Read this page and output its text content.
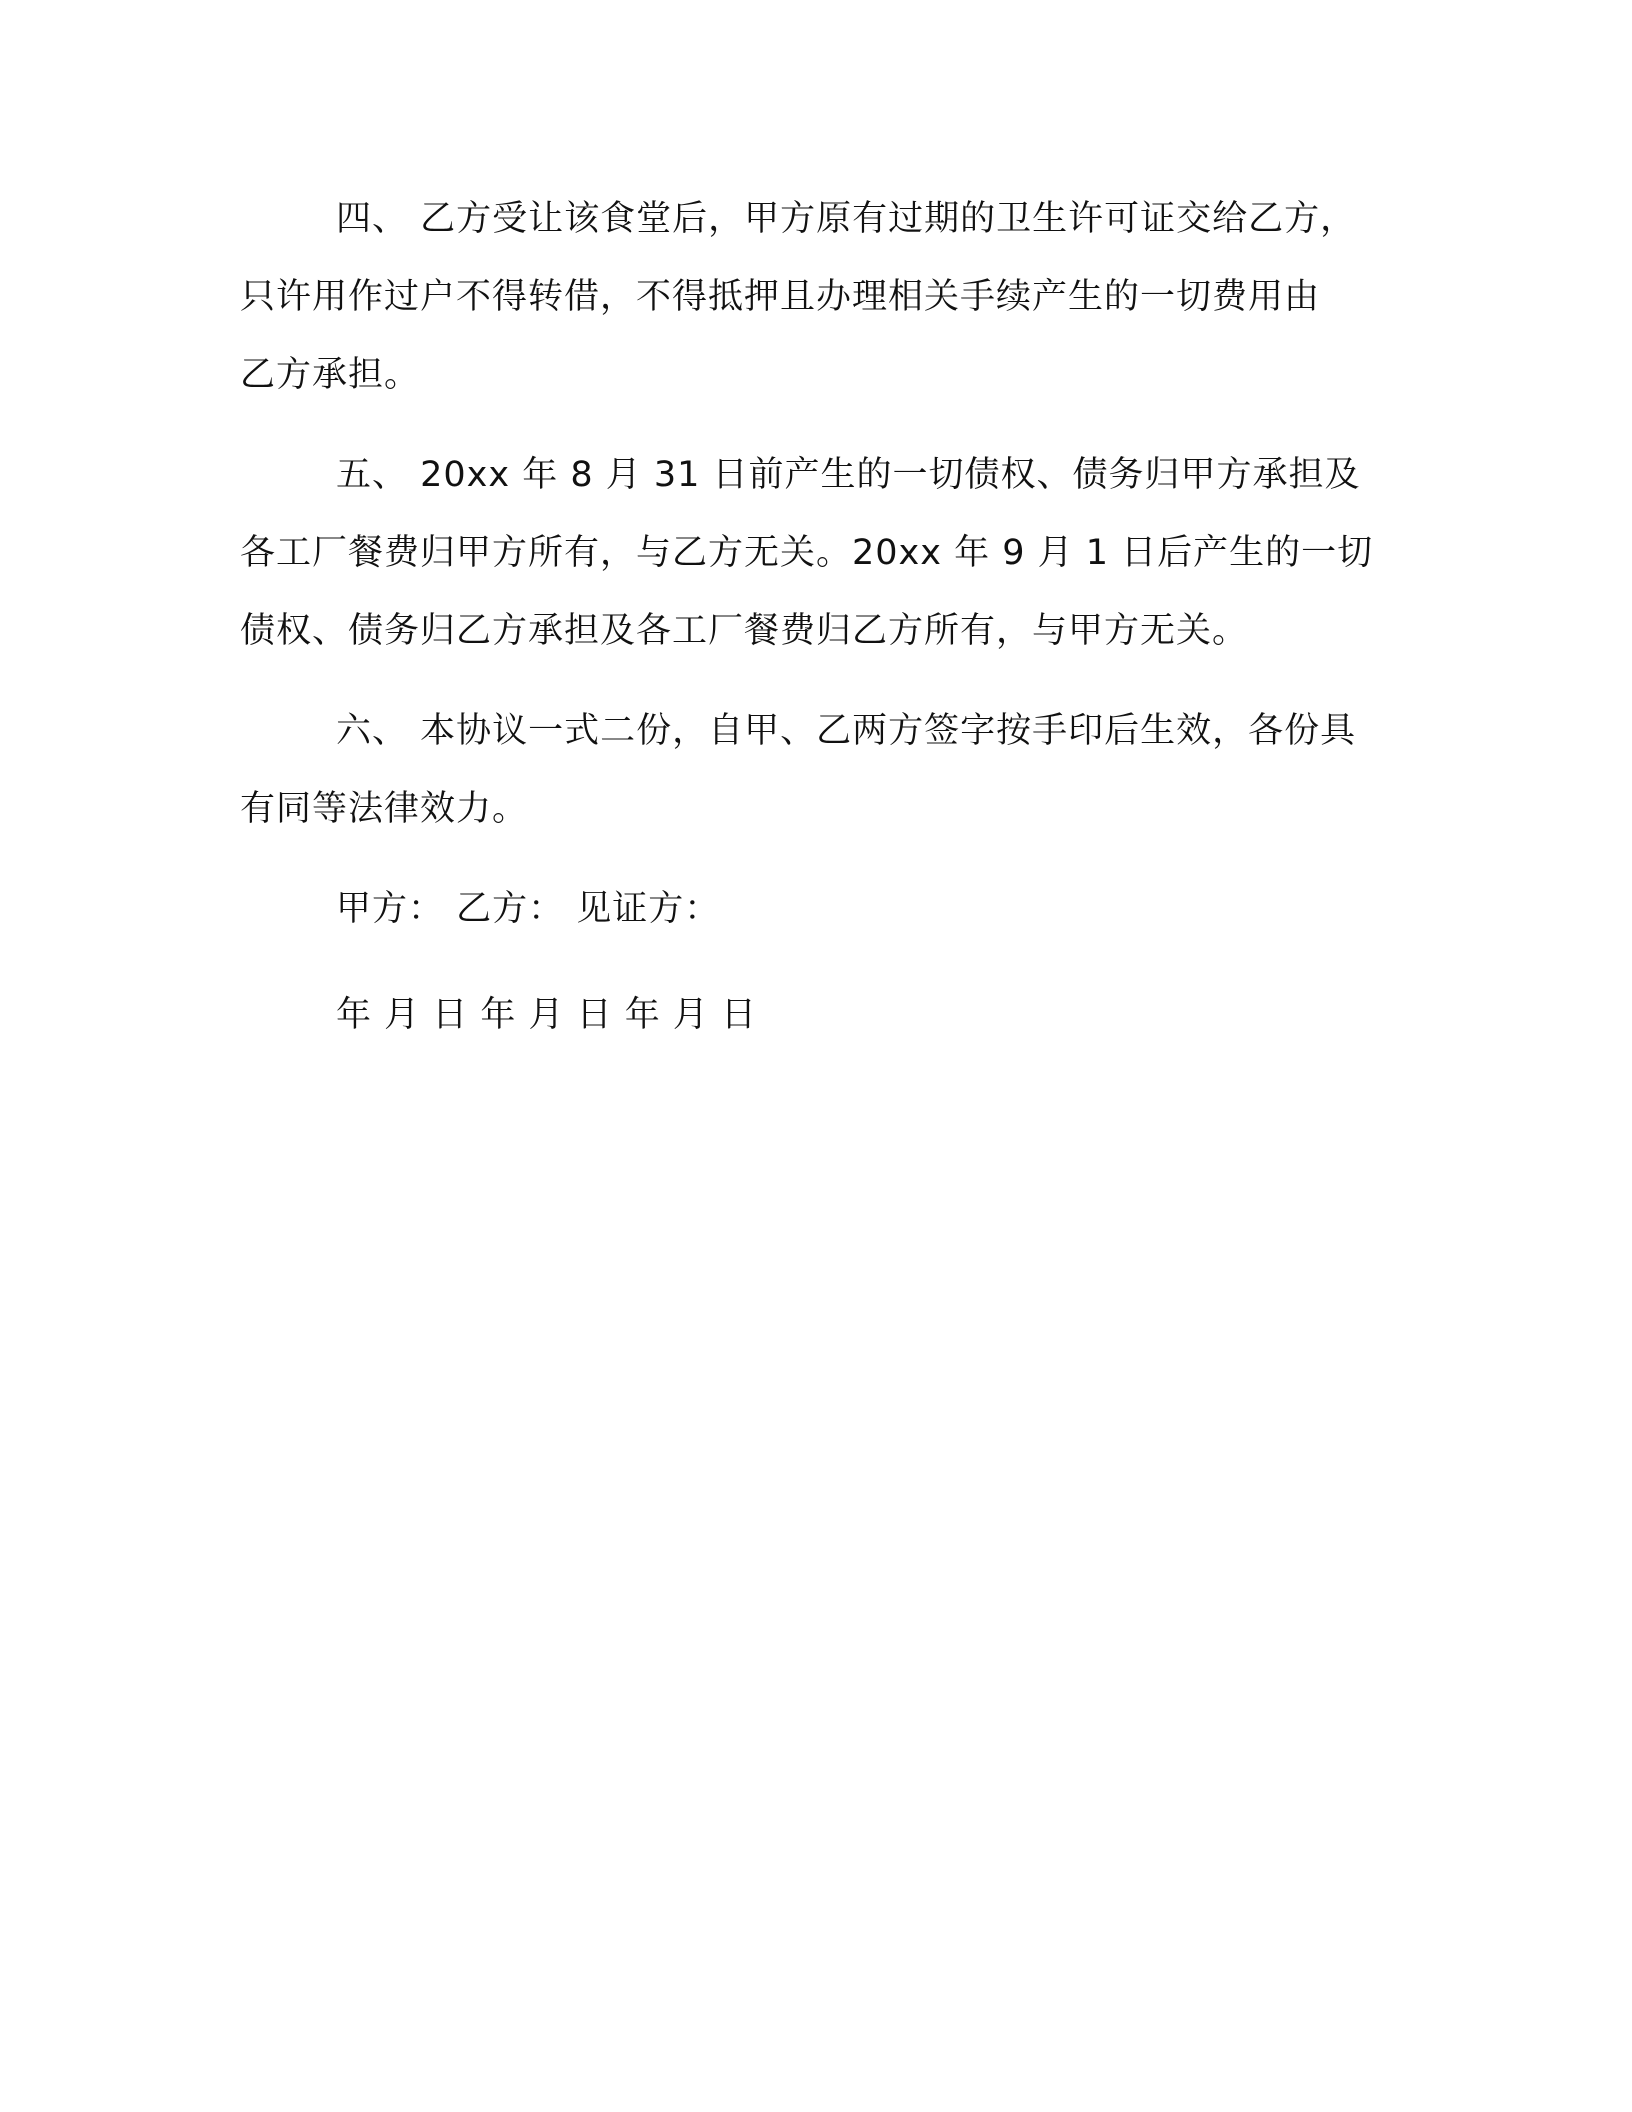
四、 乙方受让该食堂后，甲方原有过期的卫生许可证交给乙方，
只许用作过户不得转借，不得抵押且办理相关手续产生的一切费用由
乙方承担。

五、 20xx 年 8 月 31 日前产生的一切债权、债务归甲方承担及
各工厂餐费归甲方所有，与乙方无关。20xx 年 9 月 1 日后产生的一切
债权、债务归乙方承担及各工厂餐费归乙方所有，与甲方无关。

六、 本协议一式二份，自甲、乙两方签字按手印后生效，各份具
有同等法律效力。

甲方： 乙方： 见证方：

年 月 日 年 月 日 年 月 日
